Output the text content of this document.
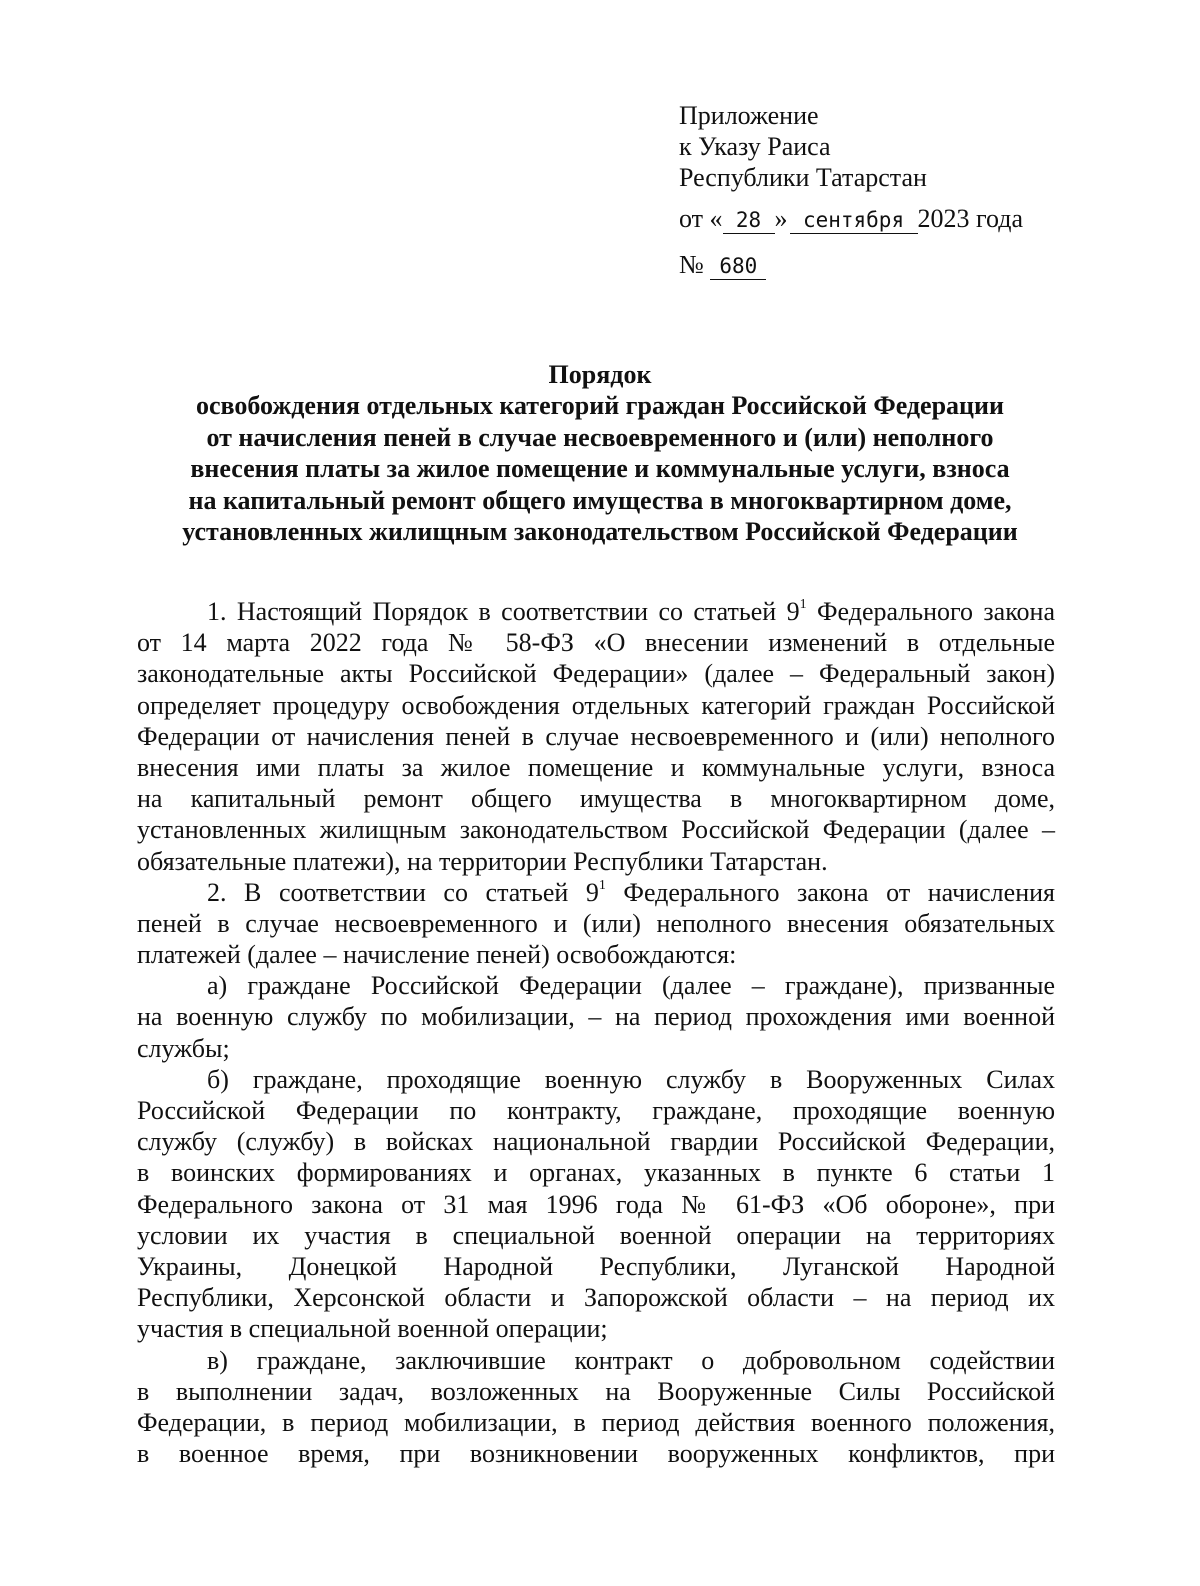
Приложение
к Указу Раиса
Республики Татарстан
от « 28 » сентября 2023 года
№ 680
Порядок
освобождения отдельных категорий граждан Российской Федерации
от начисления пеней в случае несвоевременного и (или) неполного
внесения платы за жилое помещение и коммунальные услуги, взноса
на капитальный ремонт общего имущества в многоквартирном доме,
установленных жилищным законодательством Российской Федерации
1. Настоящий Порядок в соответствии со статьей $9^1$ Федерального закона
от 14 марта 2022 года № 58-ФЗ «О внесении изменений в отдельные
законодательные акты Российской Федерации» (далее – Федеральный закон)
определяет процедуру освобождения отдельных категорий граждан Российской
Федерации от начисления пеней в случае несвоевременного и (или) неполного
внесения ими платы за жилое помещение и коммунальные услуги, взноса
на капитальный ремонт общего имущества в многоквартирном доме,
установленных жилищным законодательством Российской Федерации (далее –
обязательные платежи), на территории Республики Татарстан.
2. В соответствии со статьей $9^1$ Федерального закона от начисления
пеней в случае несвоевременного и (или) неполного внесения обязательных
платежей (далее – начисление пеней) освобождаются:
а) граждане Российской Федерации (далее – граждане), призванные
на военную службу по мобилизации, – на период прохождения ими военной
службы;
б) граждане, проходящие военную службу в Вооруженных Силах
Российской Федерации по контракту, граждане, проходящие военную
службу (службу) в войсках национальной гвардии Российской Федерации,
в воинских формированиях и органах, указанных в пункте 6 статьи 1
Федерального закона от 31 мая 1996 года № 61-ФЗ «Об обороне», при
условии их участия в специальной военной операции на территориях
Украины, Донецкой Народной Республики, Луганской Народной
Республики, Херсонской области и Запорожской области – на период их
участия в специальной военной операции;
в) граждане, заключившие контракт о добровольном содействии
в выполнении задач, возложенных на Вооруженные Силы Российской
Федерации, в период мобилизации, в период действия военного положения,
в военное время, при возникновении вооруженных конфликтов, при
